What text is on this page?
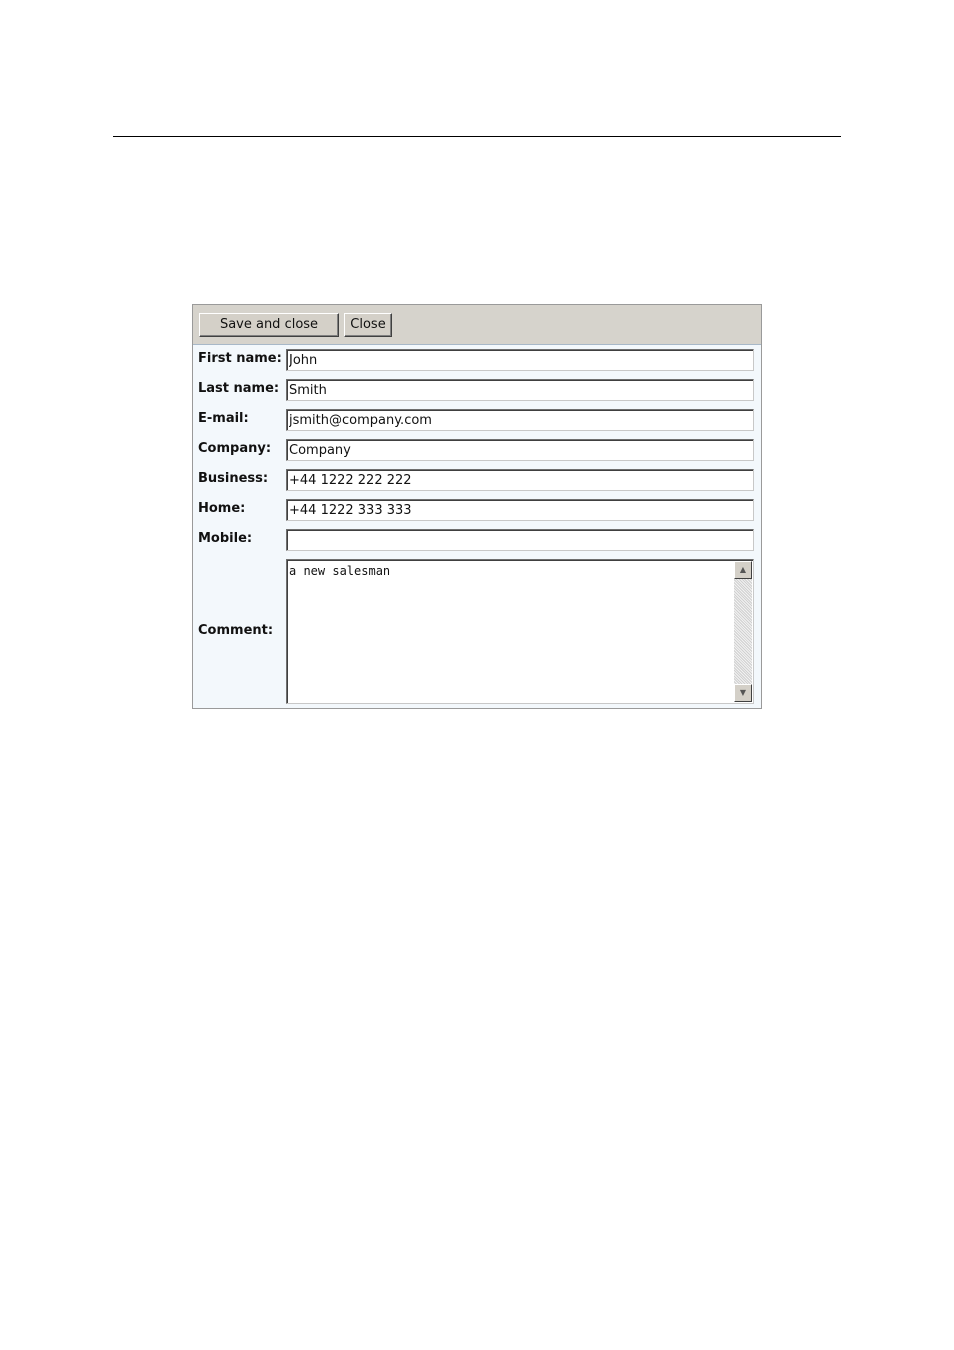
Save and close	Close
First name:
John
Last name:
Smith
E-mail:
jsmith@company.com
Company:
Company
Business:
+44 1222 222 222
Home:
+44 1222 333 333
Mobile:
Comment:
a new salesman
▲
▼
